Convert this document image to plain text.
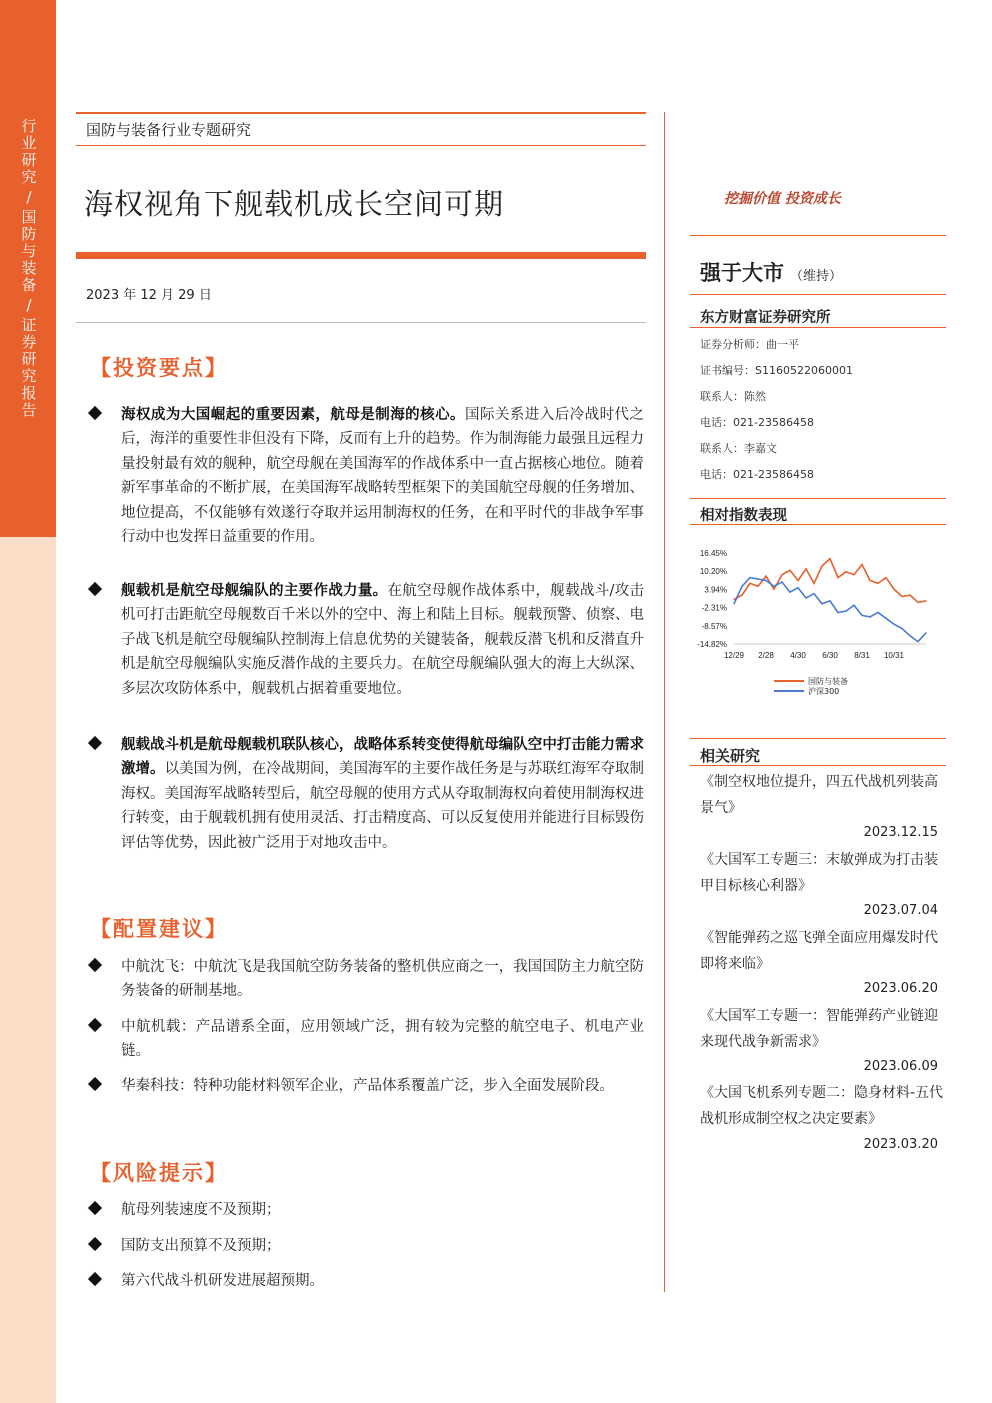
行
业
研
究
/
国
防
与
装
备
/
证
券
研
究
报
告
国防与装备行业专题研究
海权视角下舰载机成长空间可期
2023 年 12 月 29 日
【投资要点】
海权成为大国崛起的重要因素，航母是制海的核心。国际关系进入后冷战时代之后，海洋的重要性非但没有下降，反而有上升的趋势。作为制海能力最强且远程力量投射最有效的舰种，航空母舰在美国海军的作战体系中一直占据核心地位。随着新军事革命的不断扩展，在美国海军战略转型框架下的美国航空母舰的任务增加、地位提高，不仅能够有效遂行夺取并运用制海权的任务，在和平时代的非战争军事行动中也发挥日益重要的作用。
舰载机是航空母舰编队的主要作战力量。在航空母舰作战体系中，舰载战斗/攻击机可打击距航空母舰数百千米以外的空中、海上和陆上目标。舰载预警、侦察、电子战飞机是航空母舰编队控制海上信息优势的关键装备，舰载反潜飞机和反潜直升机是航空母舰编队实施反潜作战的主要兵力。在航空母舰编队强大的海上大纵深、多层次攻防体系中，舰载机占据着重要地位。
舰载战斗机是航母舰载机联队核心，战略体系转变使得航母编队空中打击能力需求激增。以美国为例，在冷战期间，美国海军的主要作战任务是与苏联红海军夺取制海权。美国海军战略转型后，航空母舰的使用方式从夺取制海权向着使用制海权进行转变，由于舰载机拥有使用灵活、打击精度高、可以反复使用并能进行目标毁伤评估等优势，因此被广泛用于对地攻击中。
【配置建议】
中航沈飞：中航沈飞是我国航空防务装备的整机供应商之一，我国国防主力航空防务装备的研制基地。
中航机载：产品谱系全面，应用领域广泛，拥有较为完整的航空电子、机电产业链。
华秦科技：特种功能材料领军企业，产品体系覆盖广泛，步入全面发展阶段。
【风险提示】
航母列装速度不及预期；
国防支出预算不及预期；
第六代战斗机研发进展超预期。
挖掘价值 投资成长
强于大市 （维持）
东方财富证券研究所
证券分析师：曲一平
证书编号：S1160522060001
联系人：陈然
电话：021-23586458
联系人：李嘉文
电话：021-23586458
相对指数表现
16.45%
10.20%
3.94%
-2.31%
-8.57%
-14.82%
12/29 2/28 4/30 6/30 8/31 10/31
国防与装备
沪深300
相关研究
《制空权地位提升，四五代战机列装高景气》
2023.12.15
《大国军工专题三：末敏弹成为打击装甲目标核心利器》
2023.07.04
《智能弹药之巡飞弹全面应用爆发时代即将来临》
2023.06.20
《大国军工专题一：智能弹药产业链迎来现代战争新需求》
2023.06.09
《大国飞机系列专题二：隐身材料-五代战机形成制空权之决定要素》
2023.03.20
